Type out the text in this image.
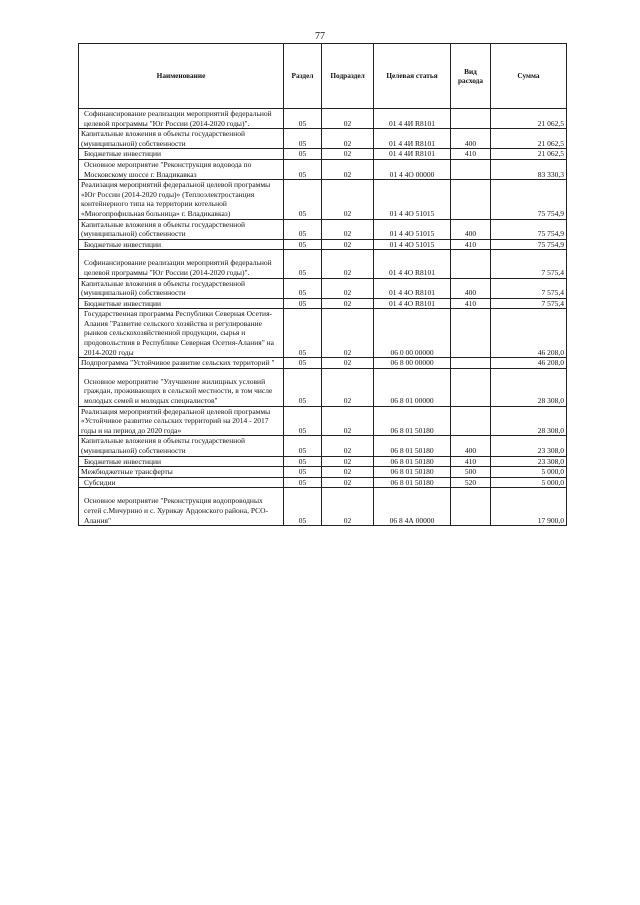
77
Наименование	Раздел	Подраздел	Целевая статья	Вид расхода	Сумма
Софинансирование реализации мероприятий федеральной целевой программы "Юг России (2014-2020 годы)".	05	02	01 4 4И R8101		21 062,5
Капитальные вложения в объекты государственной (муниципальной) собственности	05	02	01 4 4И R8101	400	21 062,5
Бюджетные инвестиции	05	02	01 4 4И R8101	410	21 062,5
Основное мероприятие "Реконструкция водовода по Московскому шоссе г. Владикавказ	05	02	01 4 4О 00000		83 330,3
Реализация мероприятий федеральной целевой программы «Юг России (2014-2020 годы)» (Теплоэлектростанция контейнерного типа на территории котельной «Многопрофильная больница» г. Владикавказ)	05	02	01 4 4О 51015		75 754,9
Капитальные вложения в объекты государственной (муниципальной) собственности	05	02	01 4 4О 51015	400	75 754,9
Бюджетные инвестиции	05	02	01 4 4О 51015	410	75 754,9
Софинансирование реализации мероприятий федеральной целевой программы "Юг России (2014-2020 годы)".	05	02	01 4 4О R8101		7 575,4
Капитальные вложения в объекты государственной (муниципальной) собственности	05	02	01 4 4О R8101	400	7 575,4
Бюджетные инвестиции	05	02	01 4 4О R8101	410	7 575,4
Государственная программа Республики Северная Осетия-Алания "Развитие сельского хозяйства и регулирование рынков сельскохозяйственной продукции, сырья и продовольствия в Республике Северная Осетия-Алания" на 2014-2020 годы	05	02	06 0 00 00000		46 208,0
Подпрограмма "Устойчивое развитие сельских территорий "	05	02	06 8 00 00000		46 208,0
Основное мероприятие "Улучшение жилищных условий граждан, проживающих в сельской местности, в том числе молодых семей и молодых специалистов"	05	02	06 8 01 00000		28 308,0
Реализация мероприятий федеральной целевой программы «Устойчивое развитие сельских территорий на 2014 - 2017 годы и на период до 2020 года»	05	02	06 8 01 50180		28 308,0
Капитальные вложения в объекты государственной (муниципальной) собственности	05	02	06 8 01 50180	400	23 308,0
Бюджетные инвестиции	05	02	06 8 01 50180	410	23 308,0
Межбюджетные трансферты	05	02	06 8 01 50180	500	5 000,0
Субсидии	05	02	06 8 01 50180	520	5 000,0
Основное мероприятие "Реконструкция водопроводных сетей с.Мичурино и с. Хурикау Ардонского района, РСО-Алания"	05	02	06 8 4А 00000		17 900,0
